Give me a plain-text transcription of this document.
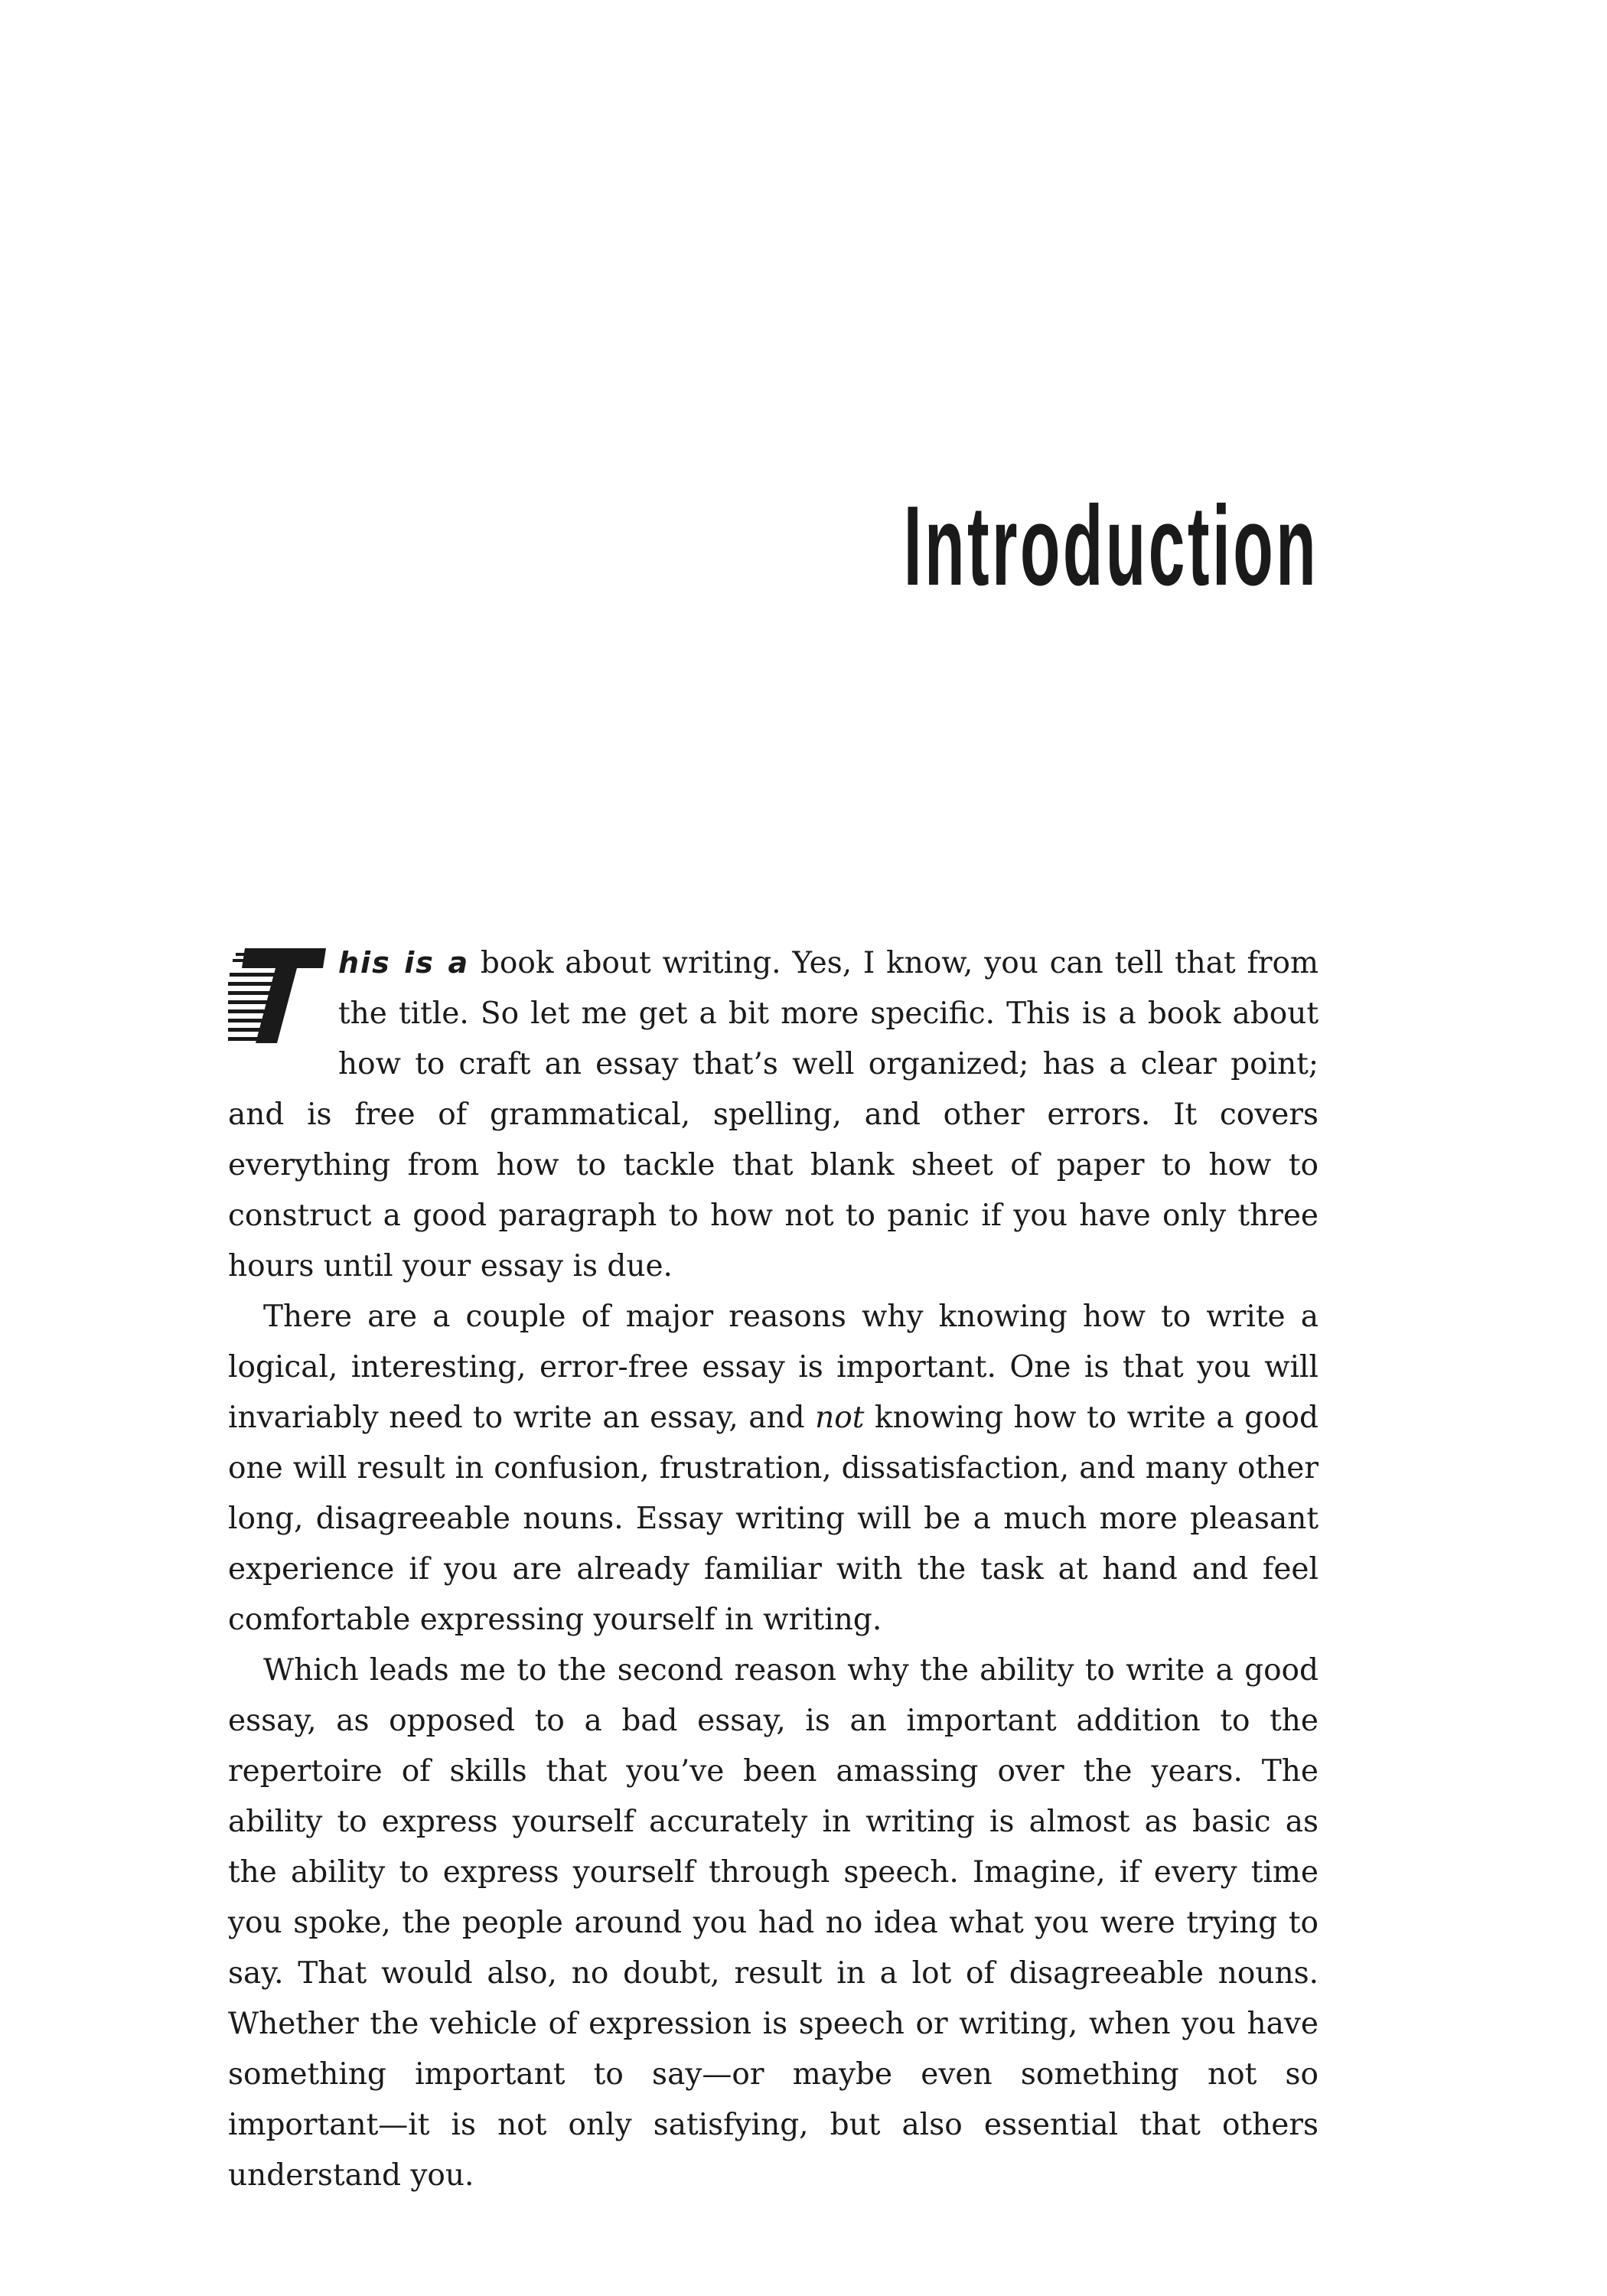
Introduction

his is a book about writing. Yes, I know, you can tell that from the title. So let me get a bit more specific. This is a book about how to craft an essay that’s well organized; has a clear point; and is free of grammatical, spelling, and other errors. It covers everything from how to tackle that blank sheet of paper to how to construct a good paragraph to how not to panic if you have only three hours until your essay is due.

There are a couple of major reasons why knowing how to write a logical, interesting, error-free essay is important. One is that you will invariably need to write an essay, and not knowing how to write a good one will result in confusion, frustration, dissatisfaction, and many other long, disagreeable nouns. Essay writing will be a much more pleasant experience if you are already familiar with the task at hand and feel comfortable expressing yourself in writing.

Which leads me to the second reason why the ability to write a good essay, as opposed to a bad essay, is an important addition to the repertoire of skills that you’ve been amassing over the years. The ability to express yourself accurately in writing is almost as basic as the ability to express yourself through speech. Imagine, if every time you spoke, the people around you had no idea what you were trying to say. That would also, no doubt, result in a lot of disagreeable nouns. Whether the vehicle of expression is speech or writing, when you have something important to say—or maybe even something not so important—it is not only satisfying, but also essential that others understand you.
